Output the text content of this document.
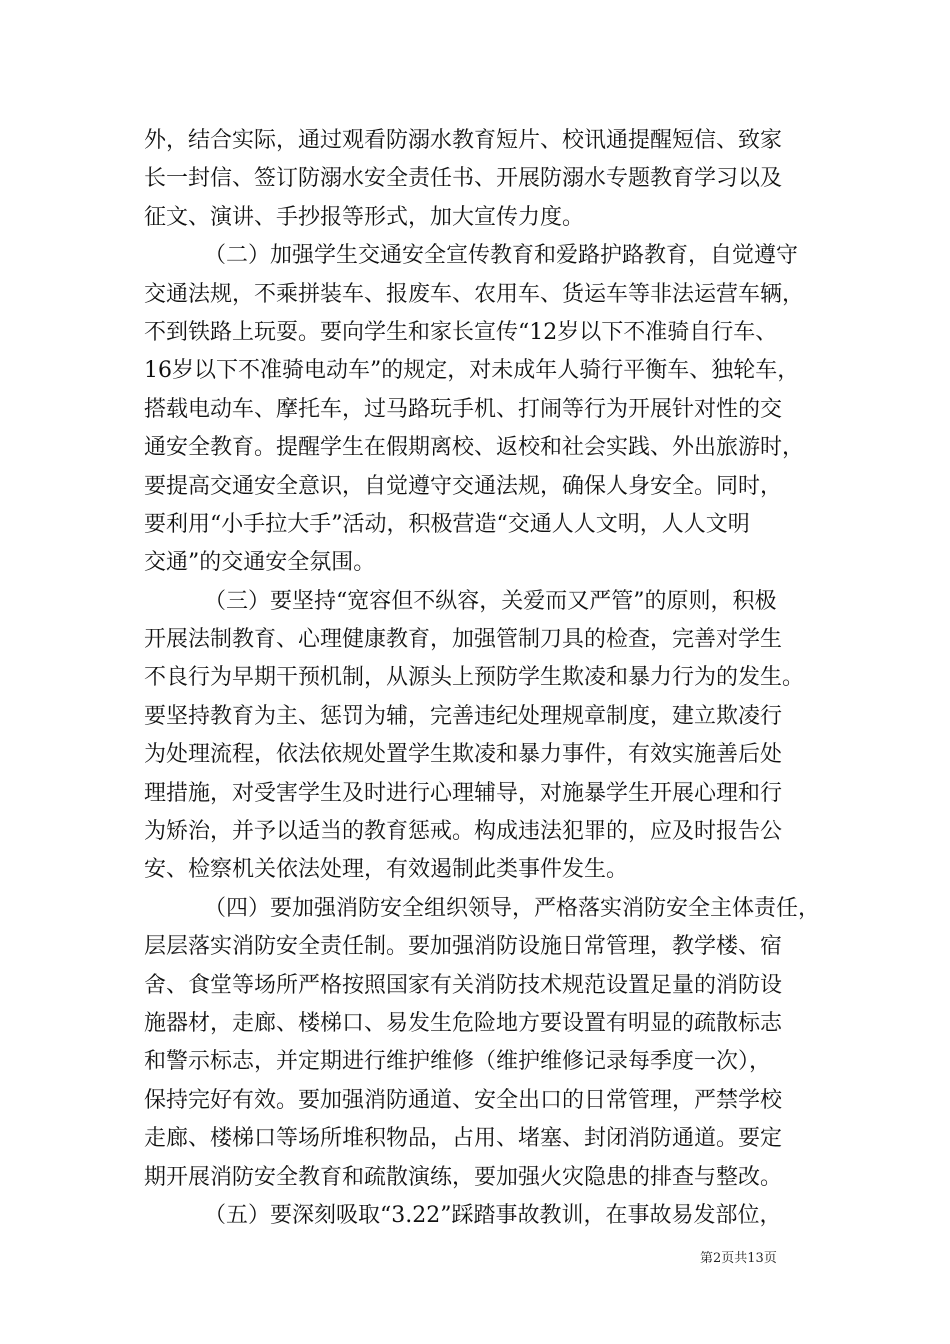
外，结合实际，通过观看防溺水教育短片、校讯通提醒短信、致家
长一封信、签订防溺水安全责任书、开展防溺水专题教育学习以及
征文、演讲、手抄报等形式，加大宣传力度。
（二）加强学生交通安全宣传教育和爱路护路教育，自觉遵守
交通法规，不乘拼装车、报废车、农用车、货运车等非法运营车辆，
不到铁路上玩耍。要向学生和家长宣传“12岁以下不准骑自行车、
16岁以下不准骑电动车”的规定，对未成年人骑行平衡车、独轮车，
搭载电动车、摩托车，过马路玩手机、打闹等行为开展针对性的交
通安全教育。提醒学生在假期离校、返校和社会实践、外出旅游时，
要提高交通安全意识，自觉遵守交通法规，确保人身安全。同时，
要利用“小手拉大手”活动，积极营造“交通人人文明，人人文明
交通”的交通安全氛围。
（三）要坚持“宽容但不纵容，关爱而又严管”的原则，积极
开展法制教育、心理健康教育，加强管制刀具的检查，完善对学生
不良行为早期干预机制，从源头上预防学生欺凌和暴力行为的发生。
要坚持教育为主、惩罚为辅，完善违纪处理规章制度，建立欺凌行
为处理流程，依法依规处置学生欺凌和暴力事件，有效实施善后处
理措施，对受害学生及时进行心理辅导，对施暴学生开展心理和行
为矫治，并予以适当的教育惩戒。构成违法犯罪的，应及时报告公
安、检察机关依法处理，有效遏制此类事件发生。
（四）要加强消防安全组织领导，严格落实消防安全主体责任，
层层落实消防安全责任制。要加强消防设施日常管理，教学楼、宿
舍、食堂等场所严格按照国家有关消防技术规范设置足量的消防设
施器材，走廊、楼梯口、易发生危险地方要设置有明显的疏散标志
和警示标志，并定期进行维护维修（维护维修记录每季度一次），
保持完好有效。要加强消防通道、安全出口的日常管理，严禁学校
走廊、楼梯口等场所堆积物品，占用、堵塞、封闭消防通道。要定
期开展消防安全教育和疏散演练，要加强火灾隐患的排查与整改。
（五）要深刻吸取“3.22”踩踏事故教训，在事故易发部位，
第2页共13页
